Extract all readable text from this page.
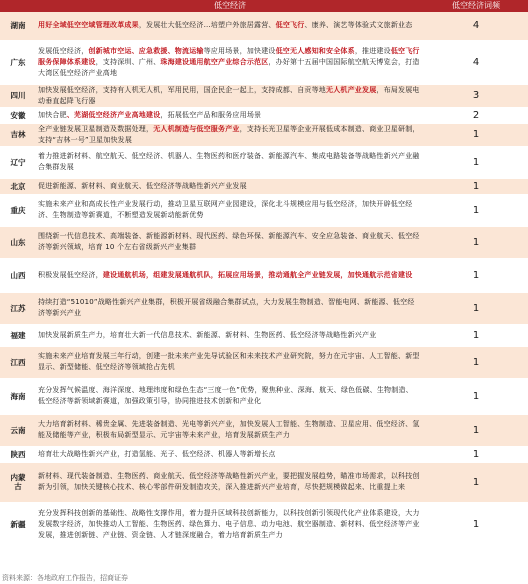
	低空经济	低空经济词频
湖南	用好全域低空空域管理改革成果，发展壮大低空经济…培塑户外旅居露营、低空飞行、康养、演艺等体验式文旅新业态	4
广东	发展低空经济，创新城市空运、应急救援、物流运输等应用场景，加快建设低空无人感知和安全体系，推进建设低空飞行服务保障体系建设，支持深圳、广州、珠海建设通用航空产业综合示范区，办好第十五届中国国际航空航天博览会，打造大湾区低空经济产业高地	4
四川	加快发展低空经济，支持有人机无人机，军用民用，国企民企一起上，支持成都、自贡等地无人机产业发展，布局发展电动垂直起降飞行器	3
安徽	加快合肥、芜湖低空经济产业高地建设，拓展低空产品和服务应用场景	2
吉林	全产业链发展卫星制造及数据处理，无人机制造与低空服务产业，支持长光卫星等企业开展低成本制造、商业卫星研制，支持“吉林一号”卫星加快发展	1
辽宁	着力推进新材料、航空航天、低空经济、机器人、生物医药和医疗装备、新能源汽车、集成电路装备等战略性新兴产业融合集群发展	1
北京	促进新能源、新材料、商业航天、低空经济等战略性新兴产业发展	1
重庆	实施未来产业和高成长性产业发展行动，推动卫星互联网产业园建设，深化北斗规模应用与低空经济，加快开辟低空经济、生物制造等新赛道，不断塑造发展新动能新优势	1
山东	围绕新一代信息技术、高端装备、新能源新材料、现代医药、绿色环保、新能源汽车、安全应急装备、商业航天、低空经济等新兴领域，培育 10 个左右省级新兴产业集群	1
山西	积极发展低空经济，建设通航机场，组建发展通航机队，拓展应用场景，推动通航全产业链发展，加快通航示范省建设	1
江苏	持续打造“51010”战略性新兴产业集群，积极开展省级融合集群试点，大力发展生物制造、智能电网、新能源、低空经济等新兴产业	1
福建	加快发展新质生产力，培育壮大新一代信息技术、新能源、新材料、生物医药、低空经济等战略性新兴产业	1
江西	实施未来产业培育发展三年行动，创建一批未来产业先导试验区和未来技术产业研究院，努力在元宇宙、人工智能、新型显示、新型储能、低空经济等领域抢占先机	1
海南	充分发挥气候温度、海洋深度、地理纬度和绿色生态“三度一色”优势，聚焦种业、深海、航天、绿色低碳、生物制造、低空经济等新领域新赛道，加强政策引导，协同推进技术创新和产业化	1
云南	大力培育新材料、稀贵金属、先进装备制造、光电等新兴产业，加快发展人工智能、生物制造、卫星应用、低空经济、氢能及储能等产业，积极布局新型显示、元宇宙等未来产业，培育发展新质生产力	1
陕西	培育壮大战略性新兴产业，打造氢能、光子、低空经济、机器人等新增长点	1
内蒙古	新材料、现代装备制造、生物医药、商业航天、低空经济等战略性新兴产业，要把握发展趋势，瞄准市场需求，以科技创新为引领，加快关键核心技术、核心零部件研发制造攻关，深入推进新兴产业培育，尽快把规模做起来、比重提上来	1
新疆	充分发挥科技创新的基础性、战略性支撑作用，着力提升区域科技创新能力，以科技创新引领现代化产业体系建设，大力发展数字经济，加快推动人工智能、生物医药、绿色算力、电子信息、动力电池、航空器制造、新材料、低空经济等产业发展，推进创新链、产业链、资金链、人才链深度融合，着力培育新质生产力	1
资料来源：各地政府工作报告，招商证券
